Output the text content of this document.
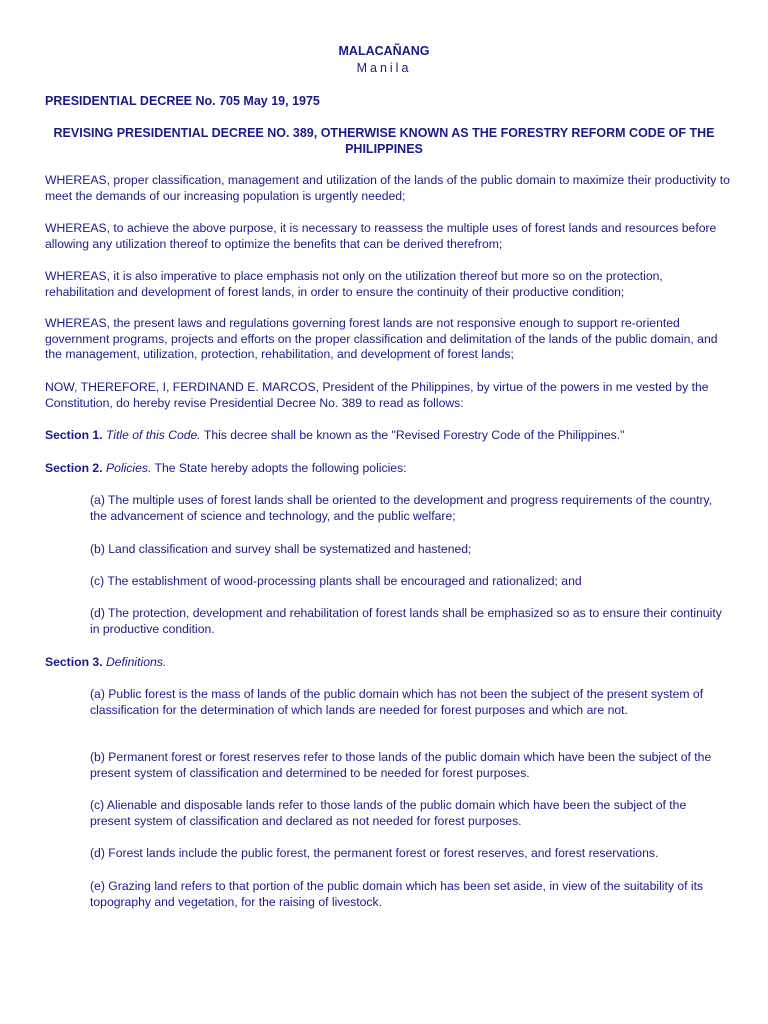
MALACAÑANG
Manila
PRESIDENTIAL DECREE No. 705 May 19, 1975
REVISING PRESIDENTIAL DECREE NO. 389, OTHERWISE KNOWN AS THE FORESTRY REFORM CODE OF THE PHILIPPINES

WHEREAS, proper classification, management and utilization of the lands of the public domain to maximize their productivity to meet the demands of our increasing population is urgently needed;

WHEREAS, to achieve the above purpose, it is necessary to reassess the multiple uses of forest lands and resources before allowing any utilization thereof to optimize the benefits that can be derived therefrom;

WHEREAS, it is also imperative to place emphasis not only on the utilization thereof but more so on the protection, rehabilitation and development of forest lands, in order to ensure the continuity of their productive condition;

WHEREAS, the present laws and regulations governing forest lands are not responsive enough to support re-oriented government programs, projects and efforts on the proper classification and delimitation of the lands of the public domain, and the management, utilization, protection, rehabilitation, and development of forest lands;

NOW, THEREFORE, I, FERDINAND E. MARCOS, President of the Philippines, by virtue of the powers in me vested by the Constitution, do hereby revise Presidential Decree No. 389 to read as follows:

Section 1. Title of this Code. This decree shall be known as the "Revised Forestry Code of the Philippines."

Section 2. Policies. The State hereby adopts the following policies:

(a) The multiple uses of forest lands shall be oriented to the development and progress requirements of the country, the advancement of science and technology, and the public welfare;

(b) Land classification and survey shall be systematized and hastened;

(c) The establishment of wood-processing plants shall be encouraged and rationalized; and

(d) The protection, development and rehabilitation of forest lands shall be emphasized so as to ensure their continuity in productive condition.

Section 3. Definitions.

(a) Public forest is the mass of lands of the public domain which has not been the subject of the present system of classification for the determination of which lands are needed for forest purposes and which are not.

(b) Permanent forest or forest reserves refer to those lands of the public domain which have been the subject of the present system of classification and determined to be needed for forest purposes.

(c) Alienable and disposable lands refer to those lands of the public domain which have been the subject of the present system of classification and declared as not needed for forest purposes.

(d) Forest lands include the public forest, the permanent forest or forest reserves, and forest reservations.

(e) Grazing land refers to that portion of the public domain which has been set aside, in view of the suitability of its topography and vegetation, for the raising of livestock.
